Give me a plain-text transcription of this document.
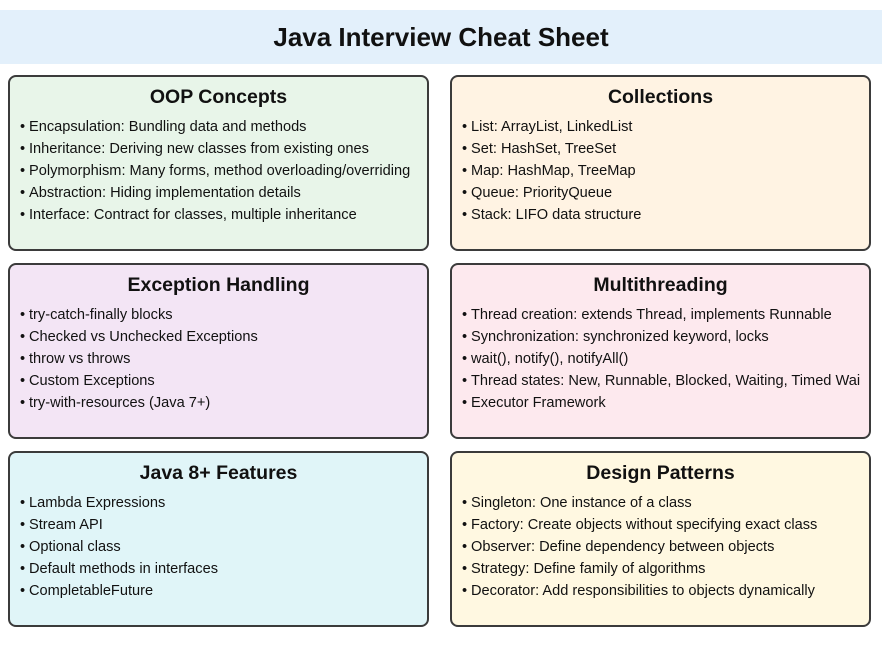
Java Interview Cheat Sheet
OOP Concepts
• Encapsulation: Bundling data and methods
• Inheritance: Deriving new classes from existing ones
• Polymorphism: Many forms, method overloading/overriding
• Abstraction: Hiding implementation details
• Interface: Contract for classes, multiple inheritance
Collections
• List: ArrayList, LinkedList
• Set: HashSet, TreeSet
• Map: HashMap, TreeMap
• Queue: PriorityQueue
• Stack: LIFO data structure
Exception Handling
• try-catch-finally blocks
• Checked vs Unchecked Exceptions
• throw vs throws
• Custom Exceptions
• try-with-resources (Java 7+)
Multithreading
• Thread creation: extends Thread, implements Runnable
• Synchronization: synchronized keyword, locks
• wait(), notify(), notifyAll()
• Thread states: New, Runnable, Blocked, Waiting, Timed Wai
• Executor Framework
Java 8+ Features
• Lambda Expressions
• Stream API
• Optional class
• Default methods in interfaces
• CompletableFuture
Design Patterns
• Singleton: One instance of a class
• Factory: Create objects without specifying exact class
• Observer: Define dependency between objects
• Strategy: Define family of algorithms
• Decorator: Add responsibilities to objects dynamically
